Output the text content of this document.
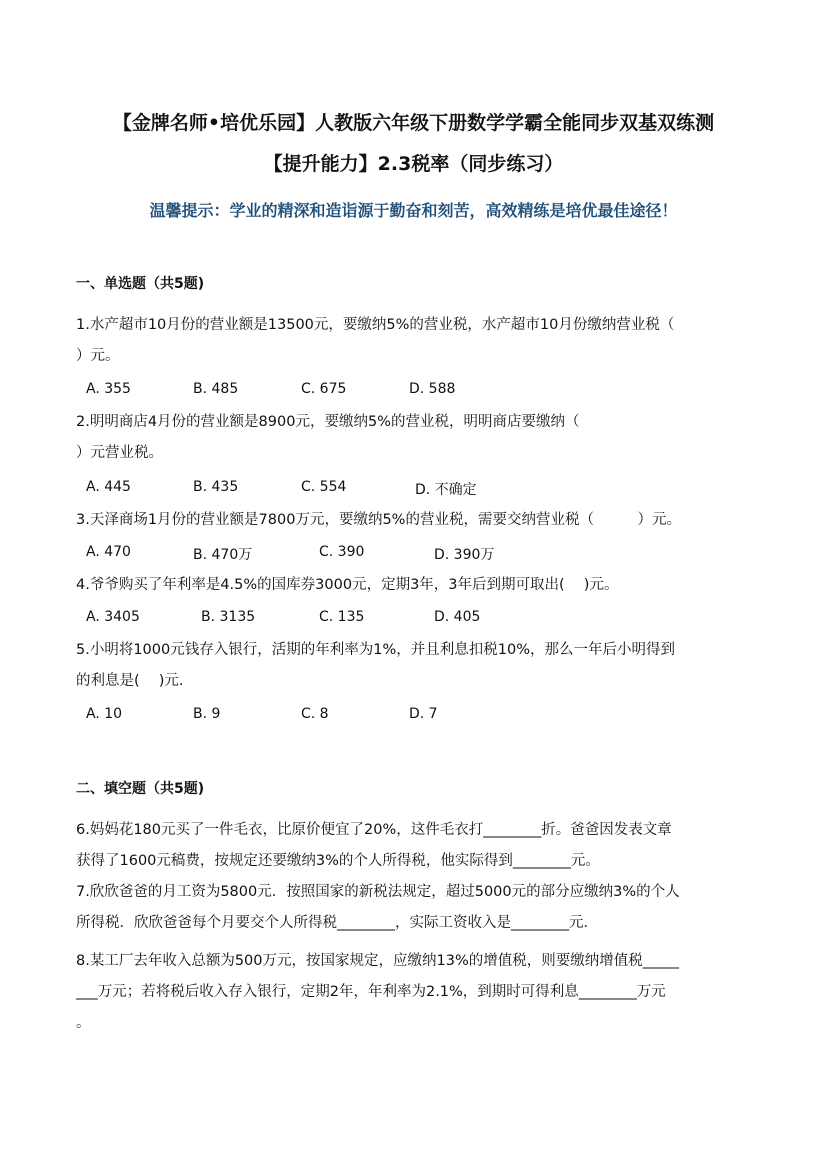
【金牌名师•培优乐园】人教版六年级下册数学学霸全能同步双基双练测
【提升能力】2.3税率（同步练习）
温馨提示：学业的精深和造诣源于勤奋和刻苦，高效精练是培优最佳途径！
一、单选题（共5题)
1.水产超市10月份的营业额是13500元，要缴纳5%的营业税，水产超市10月份缴纳营业税（
）元。
A. 355	B. 485	C. 675	D. 588
2.明明商店4月份的营业额是8900元，要缴纳5%的营业税，明明商店要缴纳（
）元营业税。
A. 445	B. 435	C. 554	D. 不确定
3.天泽商场1月份的营业额是7800万元，要缴纳5%的营业税，需要交纳营业税（　　　）元。
A. 470	B. 470万	C. 390	D. 390万
4.爷爷购买了年利率是4.5%的国库券3000元，定期3年，3年后到期可取出(　 )元。
A. 3405	B. 3135	C. 135	D. 405
5.小明将1000元钱存入银行，活期的年利率为1%，并且利息扣税10%，那么一年后小明得到
的利息是(　 )元.
A. 10	B. 9	C. 8	D. 7
二、填空题（共5题)
6.妈妈花180元买了一件毛衣，比原价便宜了20%，这件毛衣打________折。爸爸因发表文章
获得了1600元稿费，按规定还要缴纳3%的个人所得税，他实际得到________元。
7.欣欣爸爸的月工资为5800元．按照国家的新税法规定，超过5000元的部分应缴纳3%的个人
所得税．欣欣爸爸每个月要交个人所得税________，实际工资收入是________元．
8.某工厂去年收入总额为500万元，按国家规定，应缴纳13%的增值税，则要缴纳增值税_____
___万元；若将税后收入存入银行，定期2年，年利率为2.1%，到期时可得利息________万元
。
